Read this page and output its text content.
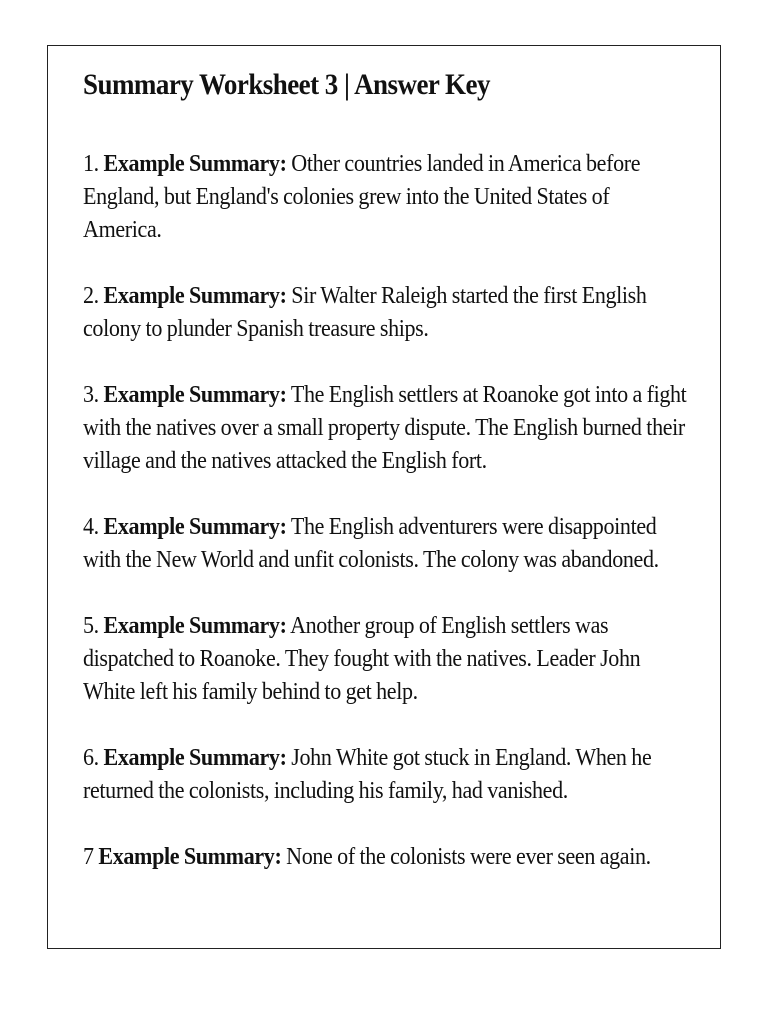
Summary Worksheet 3 | Answer Key
1. Example Summary: Other countries landed in America before England, but England's colonies grew into the United States of America.
2. Example Summary: Sir Walter Raleigh started the first English colony to plunder Spanish treasure ships.
3. Example Summary: The English settlers at Roanoke got into a fight with the natives over a small property dispute. The English burned their village and the natives attacked the English fort.
4. Example Summary: The English adventurers were disappointed with the New World and unfit colonists. The colony was abandoned.
5. Example Summary: Another group of English settlers was dispatched to Roanoke. They fought with the natives. Leader John White left his family behind to get help.
6. Example Summary: John White got stuck in England. When he returned the colonists, including his family, had vanished.
7 Example Summary: None of the colonists were ever seen again.
